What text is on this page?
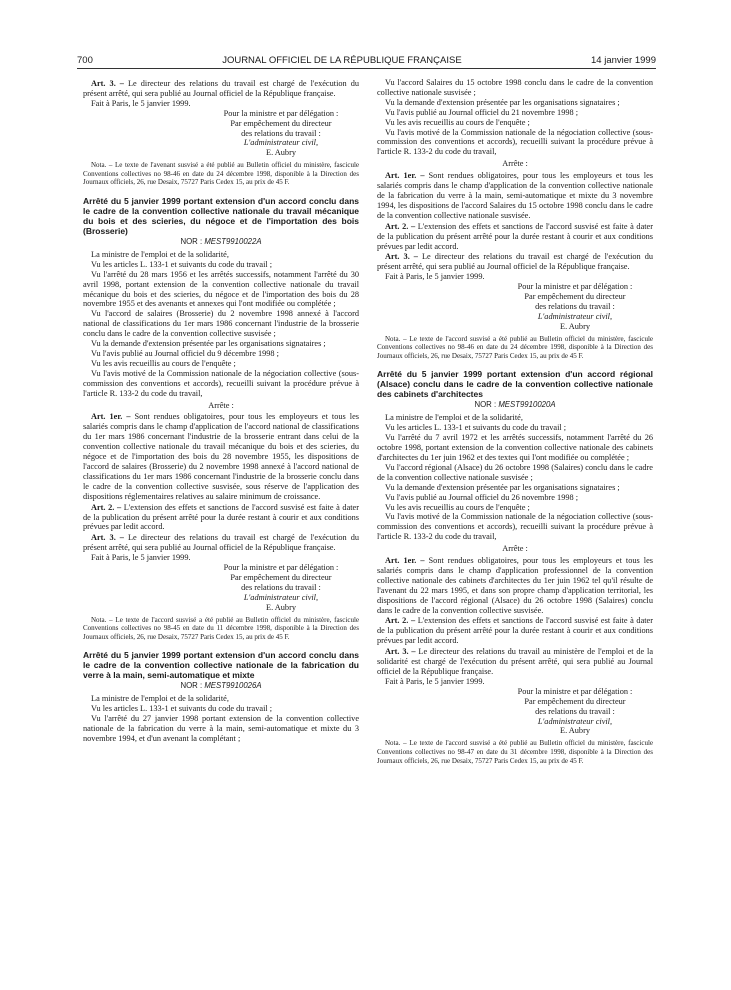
700	JOURNAL OFFICIEL DE LA RÉPUBLIQUE FRANÇAISE	14 janvier 1999

Art. 3. – Le directeur des relations du travail est chargé de l'exécution du présent arrêté, qui sera publié au Journal officiel de la République française.

Fait à Paris, le 5 janvier 1999.

Pour la ministre et par délégation :

Par empêchement du directeur

des relations du travail :

L'administrateur civil,

E. Aubry

Nota. – Le texte de l'avenant susvisé a été publié au Bulletin officiel du ministère, fascicule Conventions collectives no 98-46 en date du 24 décembre 1998, disponible à la Direction des Journaux officiels, 26, rue Desaix, 75727 Paris Cedex 15, au prix de 45 F.

Arrêté du 5 janvier 1999 portant extension d'un accord conclu dans le cadre de la convention collective nationale du travail mécanique du bois et des scieries, du négoce et de l'importation des bois (Brosserie)

NOR : MESТ9910022A

La ministre de l'emploi et de la solidarité,

Vu les articles L. 133-1 et suivants du code du travail ;

Vu l'arrêté du 28 mars 1956 et les arrêtés successifs, notamment l'arrêté du 30 avril 1998, portant extension de la convention collective nationale du travail mécanique du bois et des scieries, du négoce et de l'importation des bois du 28 novembre 1955 et des avenants et annexes qui l'ont modifiée ou complétée ;

Vu l'accord de salaires (Brosserie) du 2 novembre 1998 annexé à l'accord national de classifications du 1er mars 1986 concernant l'industrie de la brosserie conclu dans le cadre de la convention collective susvisée ;

Vu la demande d'extension présentée par les organisations signataires ;

Vu l'avis publié au Journal officiel du 9 décembre 1998 ;

Vu les avis recueillis au cours de l'enquête ;

Vu l'avis motivé de la Commission nationale de la négociation collective (sous-commission des conventions et accords), recueilli suivant la procédure prévue à l'article R. 133-2 du code du travail,

Arrête :

Art. 1er. – Sont rendues obligatoires, pour tous les employeurs et tous les salariés compris dans le champ d'application de l'accord national de classifications du 1er mars 1986 concernant l'industrie de la brosserie entrant dans celui de la convention collective nationale du travail mécanique du bois et des scieries, du négoce et de l'importation des bois du 28 novembre 1955, les dispositions de l'accord de salaires (Brosserie) du 2 novembre 1998 annexé à l'accord national de classifications du 1er mars 1986 concernant l'industrie de la brosserie conclu dans le cadre de la convention collective susvisée, sous réserve de l'application des dispositions réglementaires relatives au salaire minimum de croissance.

Art. 2. – L'extension des effets et sanctions de l'accord susvisé est faite à dater de la publication du présent arrêté pour la durée restant à courir et aux conditions prévues par ledit accord.

Art. 3. – Le directeur des relations du travail est chargé de l'exécution du présent arrêté, qui sera publié au Journal officiel de la République française.

Fait à Paris, le 5 janvier 1999.

Pour la ministre et par délégation :

Par empêchement du directeur

des relations du travail :

L'administrateur civil,

E. Aubry

Nota. – Le texte de l'accord susvisé a été publié au Bulletin officiel du ministère, fascicule Conventions collectives no 98-45 en date du 11 décembre 1998, disponible à la Direction des Journaux officiels, 26, rue Desaix, 75727 Paris Cedex 15, au prix de 45 F.

Arrêté du 5 janvier 1999 portant extension d'un accord conclu dans le cadre de la convention collective nationale de la fabrication du verre à la main, semi-automatique et mixte

NOR : MESТ9910026A

La ministre de l'emploi et de la solidarité,

Vu les articles L. 133-1 et suivants du code du travail ;

Vu l'arrêté du 27 janvier 1998 portant extension de la convention collective nationale de la fabrication du verre à la main, semi-automatique et mixte du 3 novembre 1994, et d'un avenant la complétant ;

Vu l'accord Salaires du 15 octobre 1998 conclu dans le cadre de la convention collective nationale susvisée ;

Vu la demande d'extension présentée par les organisations signataires ;

Vu l'avis publié au Journal officiel du 21 novembre 1998 ;

Vu les avis recueillis au cours de l'enquête ;

Vu l'avis motivé de la Commission nationale de la négociation collective (sous-commission des conventions et accords), recueilli suivant la procédure prévue à l'article R. 133-2 du code du travail,

Arrête :

Art. 1er. – Sont rendues obligatoires, pour tous les employeurs et tous les salariés compris dans le champ d'application de la convention collective nationale de la fabrication du verre à la main, semi-automatique et mixte du 3 novembre 1994, les dispositions de l'accord Salaires du 15 octobre 1998 conclu dans le cadre de la convention collective nationale susvisée.

Art. 2. – L'extension des effets et sanctions de l'accord susvisé est faite à dater de la publication du présent arrêté pour la durée restant à courir et aux conditions prévues par ledit accord.

Art. 3. – Le directeur des relations du travail est chargé de l'exécution du présent arrêté, qui sera publié au Journal officiel de la République française.

Fait à Paris, le 5 janvier 1999.

Pour la ministre et par délégation :

Par empêchement du directeur

des relations du travail :

L'administrateur civil,

E. Aubry

Nota. – Le texte de l'accord susvisé a été publié au Bulletin officiel du ministère, fascicule Conventions collectives no 98-46 en date du 24 décembre 1998, disponible à la Direction des Journaux officiels, 26, rue Desaix, 75727 Paris Cedex 15, au prix de 45 F.

Arrêté du 5 janvier 1999 portant extension d'un accord régional (Alsace) conclu dans le cadre de la convention collective nationale des cabinets d'architectes

NOR : MESТ9910020A

La ministre de l'emploi et de la solidarité,

Vu les articles L. 133-1 et suivants du code du travail ;

Vu l'arrêté du 7 avril 1972 et les arrêtés successifs, notamment l'arrêté du 26 octobre 1998, portant extension de la convention collective nationale des cabinets d'architectes du 1er juin 1962 et des textes qui l'ont modifiée ou complétée ;

Vu l'accord régional (Alsace) du 26 octobre 1998 (Salaires) conclu dans le cadre de la convention collective nationale susvisée ;

Vu la demande d'extension présentée par les organisations signataires ;

Vu l'avis publié au Journal officiel du 26 novembre 1998 ;

Vu les avis recueillis au cours de l'enquête ;

Vu l'avis motivé de la Commission nationale de la négociation collective (sous-commission des conventions et accords), recueilli suivant la procédure prévue à l'article R. 133-2 du code du travail,

Arrête :

Art. 1er. – Sont rendues obligatoires, pour tous les employeurs et tous les salariés compris dans le champ d'application professionnel de la convention collective nationale des cabinets d'architectes du 1er juin 1962 tel qu'il résulte de l'avenant du 22 mars 1995, et dans son propre champ d'application territorial, les dispositions de l'accord régional (Alsace) du 26 octobre 1998 (Salaires) conclu dans le cadre de la convention collective susvisée.

Art. 2. – L'extension des effets et sanctions de l'accord susvisé est faite à dater de la publication du présent arrêté pour la durée restant à courir et aux conditions prévues par ledit accord.

Art. 3. – Le directeur des relations du travail au ministère de l'emploi et de la solidarité est chargé de l'exécution du présent arrêté, qui sera publié au Journal officiel de la République française.

Fait à Paris, le 5 janvier 1999.

Pour la ministre et par délégation :

Par empêchement du directeur

des relations du travail :

L'administrateur civil,

E. Aubry

Nota. – Le texte de l'accord susvisé a été publié au Bulletin officiel du ministère, fascicule Conventions collectives no 98-47 en date du 31 décembre 1998, disponible à la Direction des Journaux officiels, 26, rue Desaix, 75727 Paris Cedex 15, au prix de 45 F.
